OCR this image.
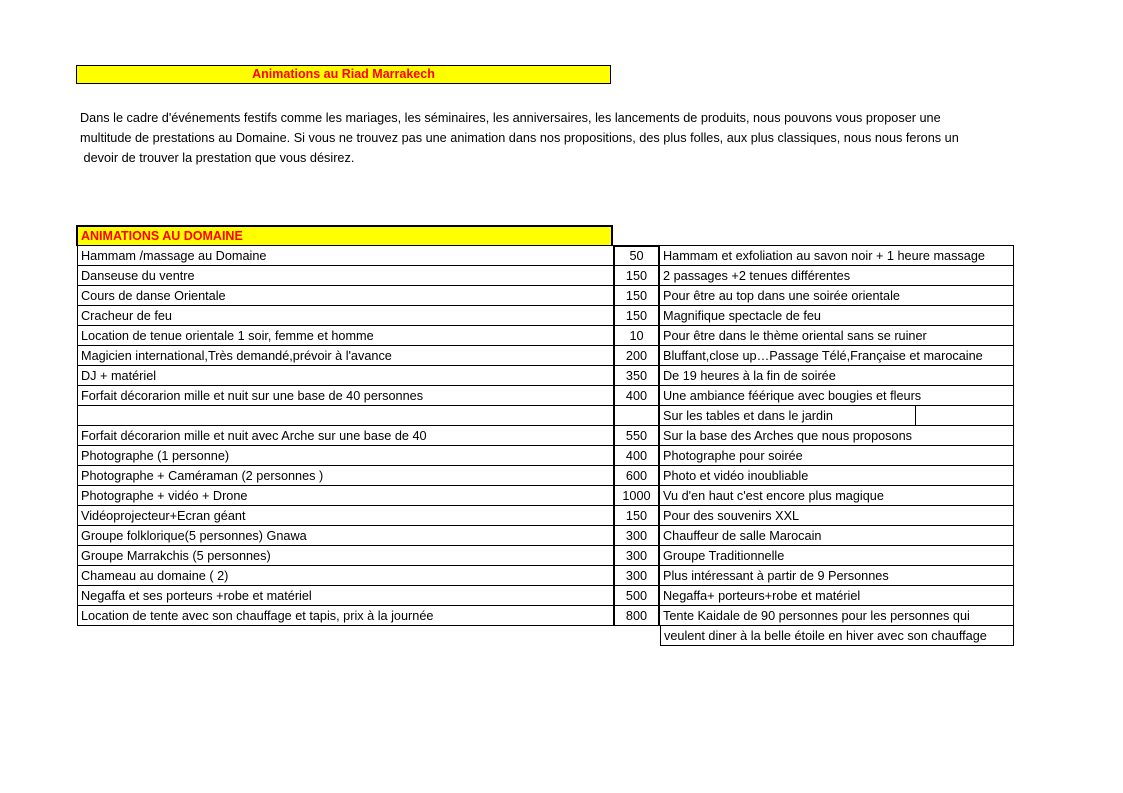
Animations au Riad Marrakech
Dans le cadre d'événements festifs comme les mariages, les séminaires, les anniversaires, les lancements de produits, nous pouvons vous proposer une
multitude de prestations au Domaine. Si vous ne trouvez pas une animation dans nos propositions, des plus folles, aux plus classiques, nous nous ferons un
devoir de trouver la prestation que vous désirez.
ANIMATIONS AU DOMAINE
Hammam /massage au Domaine	50	Hammam et exfoliation au savon noir + 1 heure massage
Danseuse du ventre	150	2 passages +2 tenues différentes
Cours de danse Orientale	150	Pour être au top dans une soirée orientale
Cracheur de feu	150	Magnifique spectacle de feu
Location de tenue orientale 1 soir, femme et homme	10	Pour être dans le thème oriental sans se ruiner
Magicien international,Très demandé,prévoir à l'avance	200	Bluffant,close up…Passage Télé,Française et marocaine
DJ + matériel	350	De 19 heures à la fin de soirée
Forfait décorarion mille et nuit sur une base de 40 personnes	400	Une ambiance féérique avec bougies et fleurs
Sur les tables et dans le jardin
Forfait décorarion mille et nuit avec Arche sur une base de 40	550	Sur la base des Arches que nous proposons
Photographe (1 personne)	400	Photographe pour soirée
Photographe + Caméraman (2 personnes )	600	Photo et vidéo inoubliable
Photographe + vidéo + Drone	1000 Vu d'en haut c'est encore plus magique
Vidéoprojecteur+Ecran géant	150	Pour des souvenirs XXL
Groupe folklorique(5 personnes) Gnawa	300	Chauffeur de salle Marocain
Groupe Marrakchis (5 personnes)	300	Groupe Traditionnelle
Chameau au domaine ( 2)	300	Plus intéressant à partir de 9 Personnes
Negaffa et ses porteurs +robe et matériel	500	Negaffa+ porteurs+robe et matériel
Location de tente avec son chauffage et tapis, prix à la journée	800	Tente Kaidale de 90 personnes pour les personnes qui
veulent diner à la belle étoile en hiver avec son chauffage
